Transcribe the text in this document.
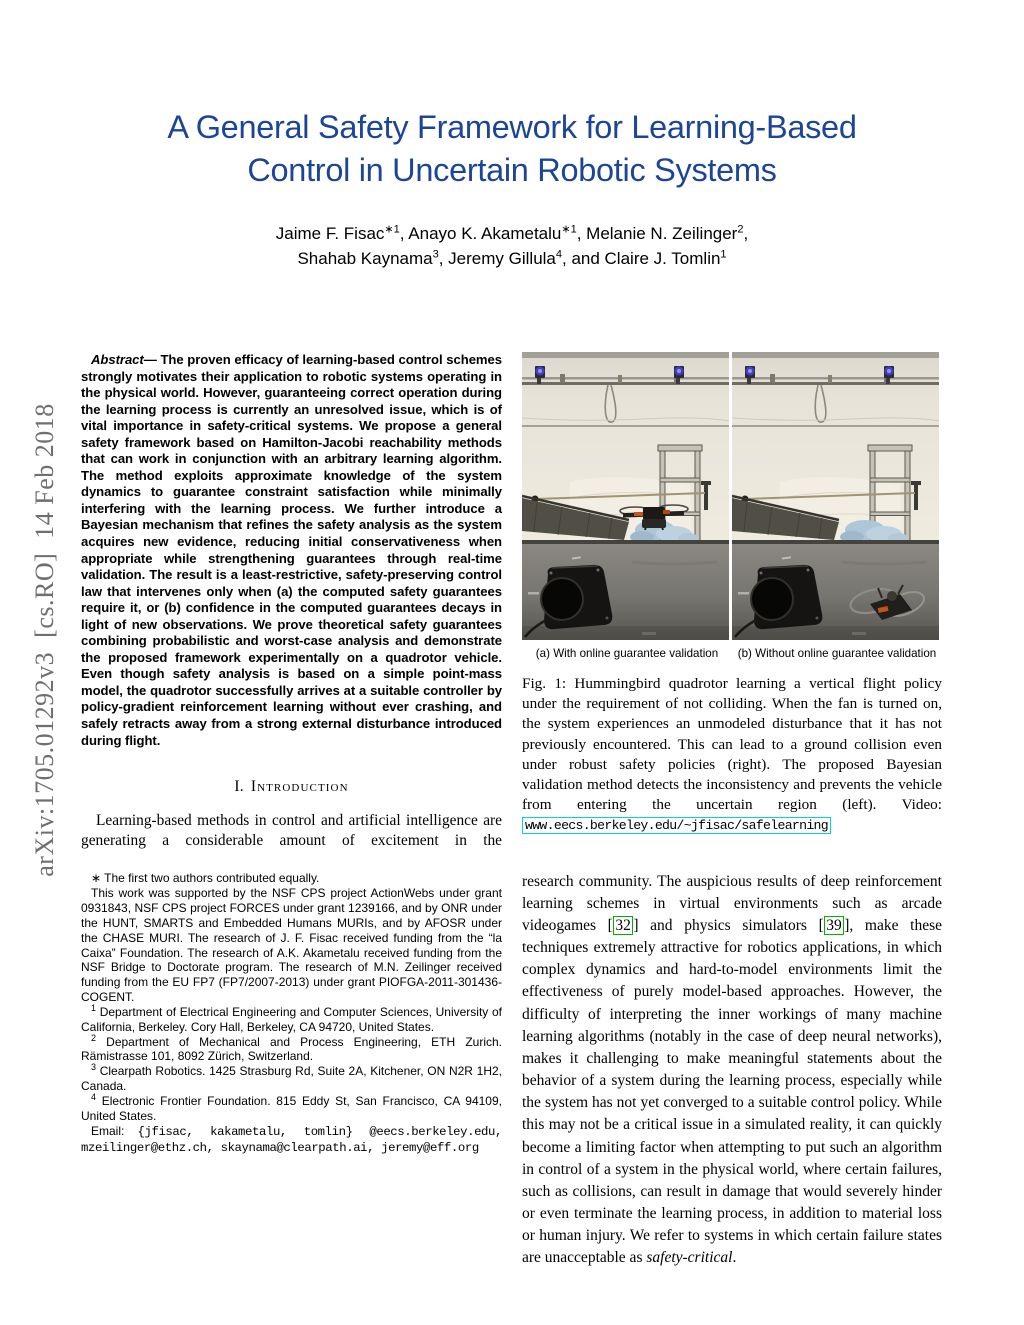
arXiv:1705.01292v3  [cs.RO]  14 Feb 2018
A General Safety Framework for Learning-Based
Control in Uncertain Robotic Systems
Jaime F. Fisac$^{∗1}$, Anayo K. Akametalu$^{∗1}$, Melanie N. Zeilinger$^2$,
Shahab Kaynama$^3$, Jeremy Gillula$^4$, and Claire J. Tomlin$^1$

Abstract— The proven efficacy of learning-based control schemes strongly motivates their application to robotic systems operating in the physical world. However, guaranteeing correct operation during the learning process is currently an unresolved issue, which is of vital importance in safety-critical systems. We propose a general safety framework based on Hamilton-Jacobi reachability methods that can work in conjunction with an arbitrary learning algorithm. The method exploits approximate knowledge of the system dynamics to guarantee constraint satisfaction while minimally interfering with the learning process. We further introduce a Bayesian mechanism that refines the safety analysis as the system acquires new evidence, reducing initial conservativeness when appropriate while strengthening guarantees through real-time validation. The result is a least-restrictive, safety-preserving control law that intervenes only when (a) the computed safety guarantees require it, or (b) confidence in the computed guarantees decays in light of new observations. We prove theoretical safety guarantees combining probabilistic and worst-case analysis and demonstrate the proposed framework experimentally on a quadrotor vehicle. Even though safety analysis is based on a simple point-mass model, the quadrotor successfully arrives at a suitable controller by policy-gradient reinforcement learning without ever crashing, and safely retracts away from a strong external disturbance introduced during flight.

I. Introduction

Learning-based methods in control and artificial intelligence are generating a considerable amount of excitement in the

∗ The first two authors contributed equally.

This work was supported by the NSF CPS project ActionWebs under grant 0931843, NSF CPS project FORCES under grant 1239166, and by ONR under the HUNT, SMARTS and Embedded Humans MURIs, and by AFOSR under the CHASE MURI. The research of J. F. Fisac received funding from the “la Caixa” Foundation. The research of A.K. Akametalu received funding from the NSF Bridge to Doctorate program. The research of M.N. Zeilinger received funding from the EU FP7 (FP7/2007-2013) under grant PIOFGA-2011-301436-COGENT.

$^1$ Department of Electrical Engineering and Computer Sciences, University of California, Berkeley. Cory Hall, Berkeley, CA 94720, United States.

$^2$ Department of Mechanical and Process Engineering, ETH Zurich. Rämistrasse 101, 8092 Zürich, Switzerland.

$^3$ Clearpath Robotics. 1425 Strasburg Rd, Suite 2A, Kitchener, ON N2R 1H2, Canada.

$^4$ Electronic Frontier Foundation. 815 Eddy St, San Francisco, CA 94109, United States.

Email: {jfisac, kakametalu, tomlin} @eecs.berkeley.edu, mzeilinger@ethz.ch, skaynama@clearpath.ai, jeremy@eff.org

(a) With online guarantee validation	(b) Without online guarantee validation

Fig. 1: Hummingbird quadrotor learning a vertical flight policy under the requirement of not colliding. When the fan is turned on, the system experiences an unmodeled disturbance that it has not previously encountered. This can lead to a ground collision even under robust safety policies (right). The proposed Bayesian validation method detects the inconsistency and prevents the vehicle from entering the uncertain region (left). Video: www.eecs.berkeley.edu/~jfisac/safelearning

research community. The auspicious results of deep reinforcement learning schemes in virtual environments such as arcade videogames [ 32 ] and physics simulators [ 39 ], make these techniques extremely attractive for robotics applications, in which complex dynamics and hard-to-model environments limit the effectiveness of purely model-based approaches. However, the difficulty of interpreting the inner workings of many machine learning algorithms (notably in the case of deep neural networks), makes it challenging to make meaningful statements about the behavior of a system during the learning process, especially while the system has not yet converged to a suitable control policy. While this may not be a critical issue in a simulated reality, it can quickly become a limiting factor when attempting to put such an algorithm in control of a system in the physical world, where certain failures, such as collisions, can result in damage that would severely hinder or even terminate the learning process, in addition to material loss or human injury. We refer to systems in which certain failure states are unacceptable as safety-critical.
